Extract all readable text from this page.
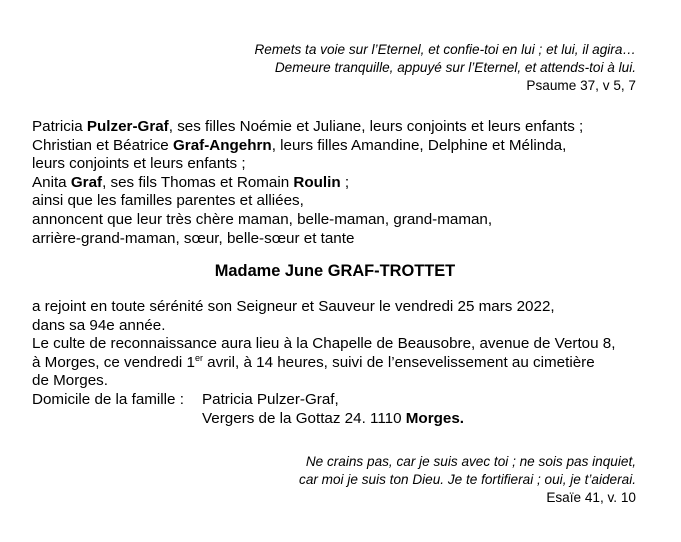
Remets ta voie sur l’Eternel, et confie-toi en lui ; et lui, il agira…
Demeure tranquille, appuyé sur l’Eternel, et attends-toi à lui.
Psaume 37, v 5, 7
Patricia Pulzer-Graf, ses filles Noémie et Juliane, leurs conjoints et leurs enfants ;
Christian et Béatrice Graf-Angehrn, leurs filles Amandine, Delphine et Mélinda,
leurs conjoints et leurs enfants ;
Anita Graf, ses fils Thomas et Romain Roulin ;
ainsi que les familles parentes et alliées,
annoncent que leur très chère maman, belle-maman, grand-maman,
arrière-grand-maman, sœur, belle-sœur et tante
Madame June GRAF-TROTTET
a rejoint en toute sérénité son Seigneur et Sauveur le vendredi 25 mars 2022,
dans sa 94e année.
Le culte de reconnaissance aura lieu à la Chapelle de Beausobre, avenue de Vertou 8,
à Morges, ce vendredi 1er avril, à 14 heures, suivi de l’ensevelissement au cimetière
de Morges.
Domicile de la famille :	Patricia Pulzer-Graf,
Vergers de la Gottaz 24. 1110 Morges.
Ne crains pas, car je suis avec toi ; ne sois pas inquiet,
car moi je suis ton Dieu. Je te fortifierai ; oui, je t’aiderai.
Esaïe 41, v. 10
